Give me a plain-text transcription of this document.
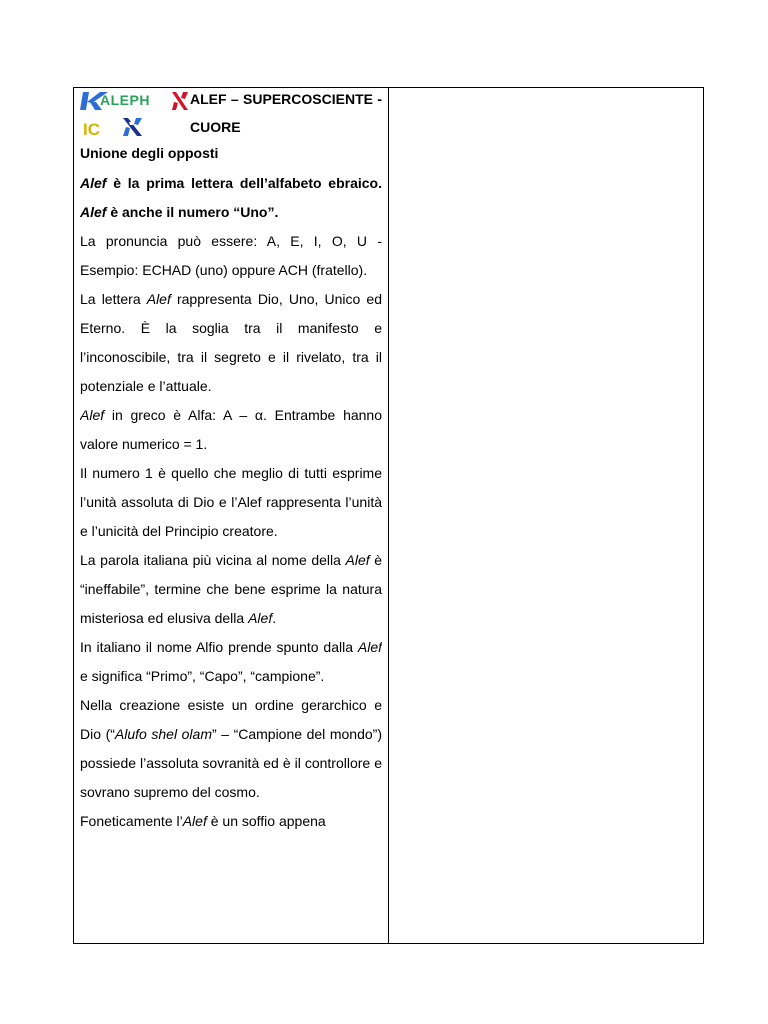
ALEPH
IC
ALEF – SUPERCOSCIENTE -
CUORE
Unione degli opposti

Alef è la prima lettera dell’alfabeto ebraico. Alef è anche il numero “Uno”.

La pronuncia può essere: A, E, I, O, U - Esempio: ECHAD (uno) oppure ACH (fratello).

La lettera Alef rappresenta Dio, Uno, Unico ed Eterno. È la soglia tra il manifesto e l’inconoscibile, tra il segreto e il rivelato, tra il potenziale e l’attuale.

Alef in greco è Alfa: A – α. Entrambe hanno valore numerico = 1.

Il numero 1 è quello che meglio di tutti esprime l’unità assoluta di Dio e l’Alef rappresenta l’unità e l’unicità del Principio creatore.

La parola italiana più vicina al nome della Alef è “ineffabile”, termine che bene esprime la natura misteriosa ed elusiva della Alef.

In italiano il nome Alfio prende spunto dalla Alef e significa “Primo”, “Capo”, “campione”.

Nella creazione esiste un ordine gerarchico e Dio (“Alufo shel olam” – “Campione del mondo”) possiede l’assoluta sovranità ed è il controllore e sovrano supremo del cosmo.

Foneticamente l’Alef è un soffio appena
